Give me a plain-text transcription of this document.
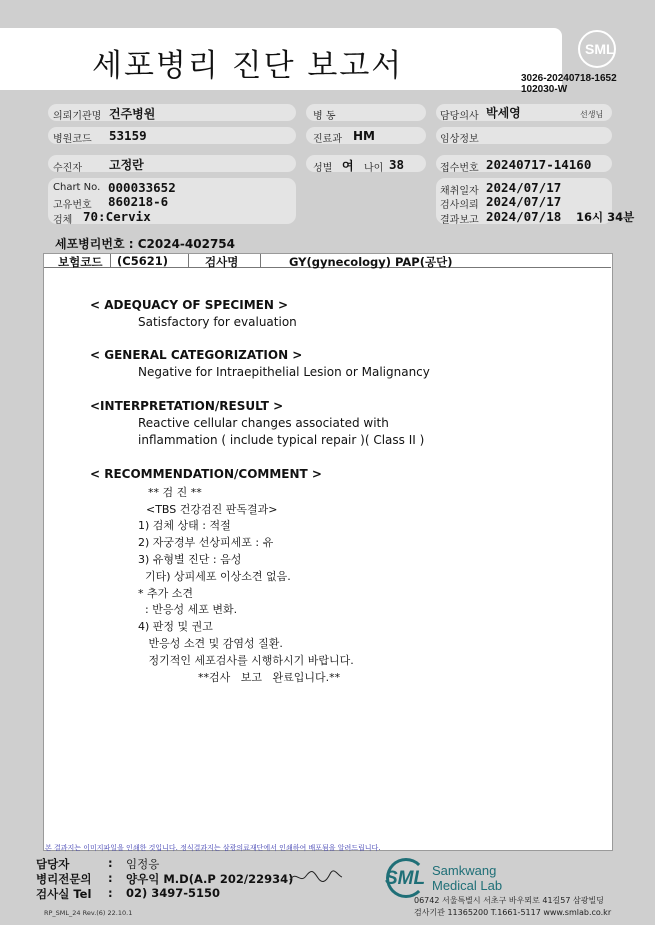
세포병리 진단 보고서	SML
3026-20240718-1652
102030-W
의뢰기관명 건주병원	병 동	담당의사 박세영	선생님
병원코드 53159	진료과 HM	임상정보
수진자 고정란	성별 여 나이 38	접수번호 20240717-14160
Chart No. 000033652
고유번호 860218-6
검체 70:Cervix
채취일자 2024/07/17
검사의뢰 2024/07/17
결과보고 2024/07/18 16시 34분
세포병리번호 : C2024-402754
보험코드 (C5621)	검사명	GY(gynecology) PAP(공단)
< ADEQUACY OF SPECIMEN >
Satisfactory for evaluation
< GENERAL CATEGORIZATION >
Negative for Intraepithelial Lesion or Malignancy
<INTERPRETATION/RESULT >
Reactive cellular changes associated with
inflammation ( include typical repair )( Class II )
< RECOMMENDATION/COMMENT >
** 검 진 **
<TBS 건강검진 판독결과>
1) 검체 상태 : 적절
2) 자궁경부 선상피세포 : 유
3) 유형별 진단 : 음성
기타) 상피세포 이상소견 없음.
* 추가 소견
: 반응성 세포 변화.
4) 판정 및 권고
반응성 소견 및 감염성 질환.
정기적인 세포검사를 시행하시기 바랍니다.
**검사   보고   완료입니다.**
본 결과지는 이미지파일을 인쇄한 것입니다. 정식결과지는 삼광의료재단에서 인쇄하여 배포됨을 알려드립니다.
담당자	: 임정응
병리전문의 : 양우익 M.D(A.P 202/22934)
검사실 Tel : 02) 3497-5150
RP_SML_24 Rev.(6) 22.10.1
SML Samkwang
Medical Lab
06742 서울특별시 서초구 바우뫼로 41길57 삼광빌딩
검사기관 11365200 T.1661-5117 www.smlab.co.kr
